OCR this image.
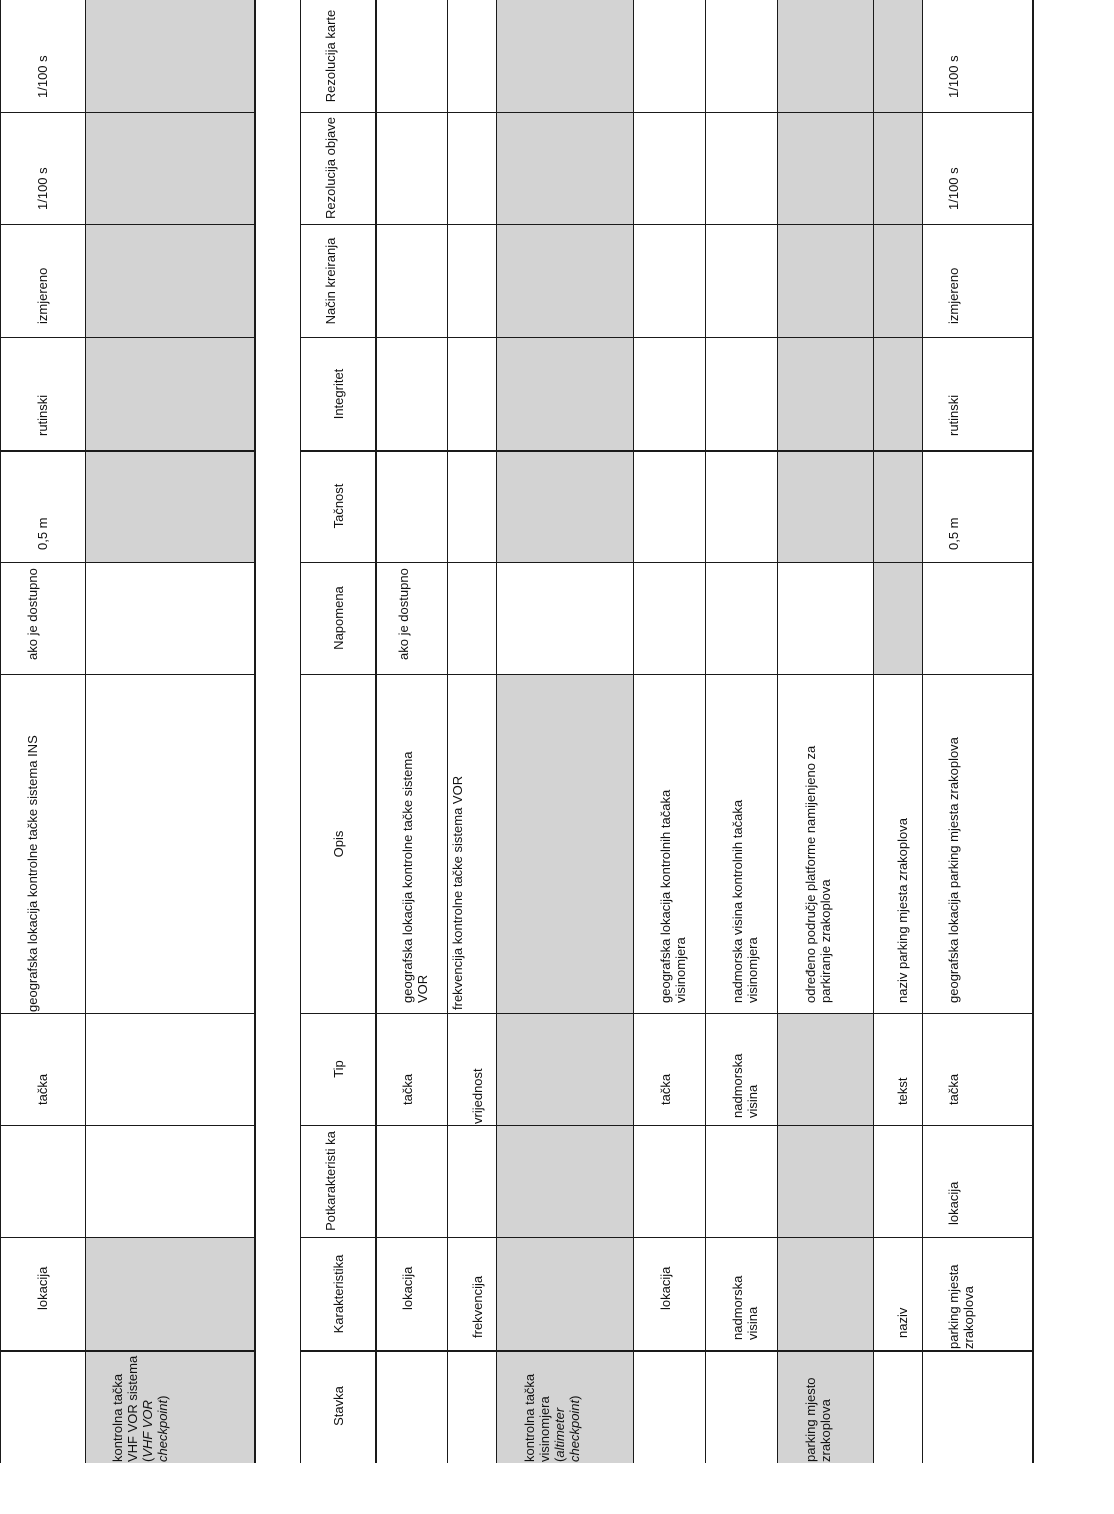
lokacija
tačka
geografska lokacija kontrolne tačke sistema INS
ako je dostupno
0,5 m
rutinski
izmjereno
1/100 s
1/100 s
kontrolna tačka VHF VOR sistema (VHF VOR checkpoint)	Stavka
Karakteristika
Potkarakteristi ka
Tip
Opis
Napomena
Tačnost
Integritet
Način kreiranja
Rezolucija objave
Rezolucija karte
lokacija
tačka
geografska lokacija kontrolne tačke sistema VOR
ako je dostupno
frekvencija
vrijednost
frekvencija kontrolne tačke sistema VOR
kontrolna tačka visinomjera (altimeter checkpoint)
lokacija
tačka
geografska lokacija kontrolnih tačaka visinomjera
nadmorska visina
nadmorska visina
nadmorska visina kontrolnih tačaka visinomjera
parking mjesto zrakoplova
određeno područje platforme namijenjeno za parkiranje zrakoplova
naziv
tekst
naziv parking mjesta zrakoplova
parking mjesta zrakoplova
lokacija
tačka
geografska lokacija parking mjesta zrakoplova
0,5 m
rutinski
izmjereno
1/100 s
1/100 s
